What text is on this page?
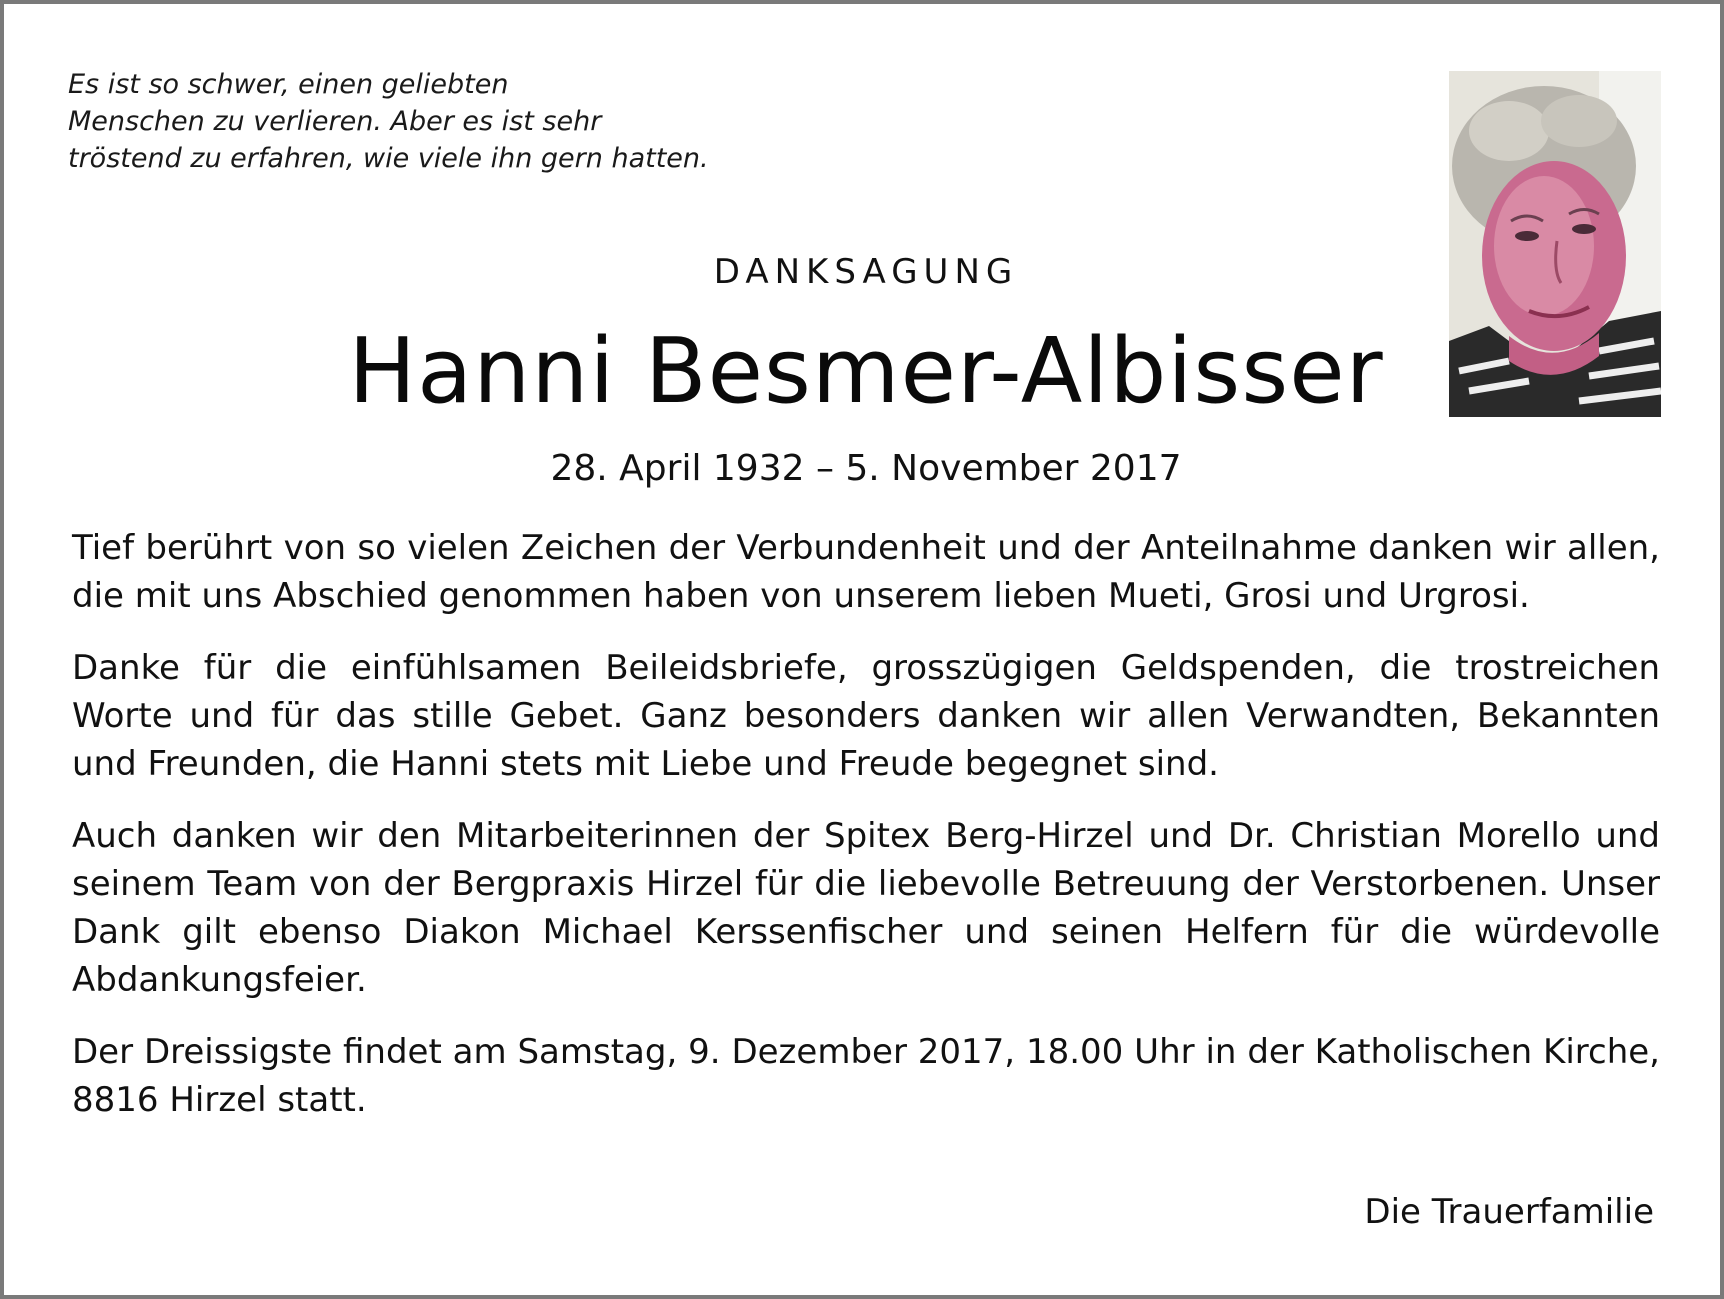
Es ist so schwer, einen geliebten
Menschen zu verlieren. Aber es ist sehr
tröstend zu erfahren, wie viele ihn gern hatten.
DANKSAGUNG
Hanni Besmer-Albisser
28. April 1932 – 5. November 2017

Tief berührt von so vielen Zeichen der Verbundenheit und der Anteilnahme danken wir allen, die mit uns Abschied genommen haben von unserem lieben Mueti, Grosi und Urgrosi.

Danke für die einfühlsamen Beileidsbriefe, grosszügigen Geldspenden, die trostreichen Worte und für das stille Gebet. Ganz besonders danken wir allen Verwandten, Bekannten und Freunden, die Hanni stets mit Liebe und Freude begegnet sind.

Auch danken wir den Mitarbeiterinnen der Spitex Berg-Hirzel und Dr. Christian Morello und seinem Team von der Bergpraxis Hirzel für die liebevolle Betreuung der Verstorbenen. Unser Dank gilt ebenso Diakon Michael Kerssenfischer und seinen Helfern für die würdevolle Abdankungsfeier.

Der Dreissigste findet am Samstag, 9. Dezember 2017, 18.00 Uhr in der Katholischen Kirche, 8816 Hirzel statt.

Die Trauerfamilie
